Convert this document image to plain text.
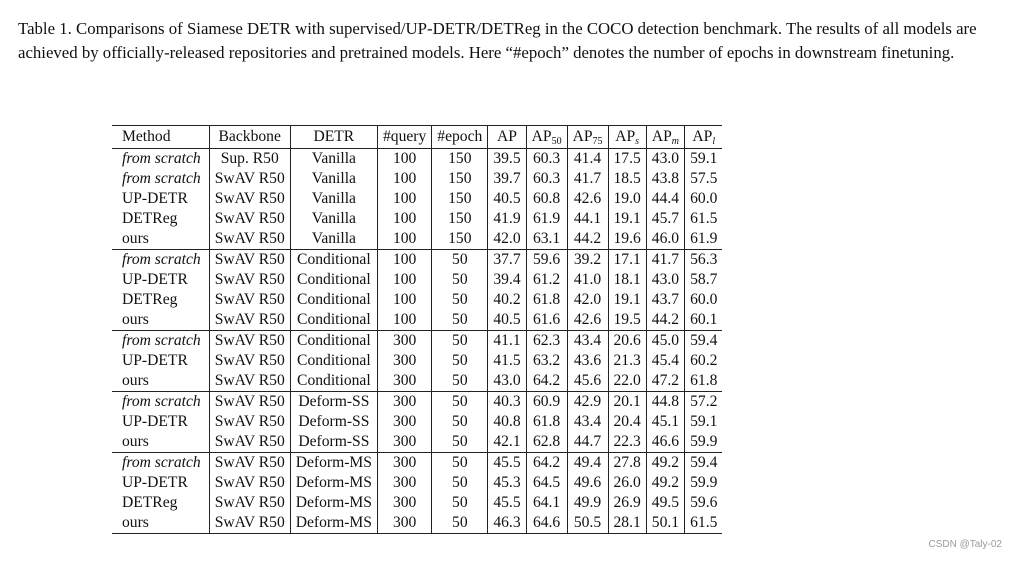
Table 1. Comparisons of Siamese DETR with supervised/UP-DETR/DETReg in the COCO detection benchmark. The results of all models are achieved by officially-released repositories and pretrained models. Here “#epoch” denotes the number of epochs in downstream finetuning.
Method	Backbone	DETR	#query	#epoch	AP	$AP_{50}$	$AP_{75}$	$AP_s$	$AP_m$	$AP_l$
from scratch	Sup. R50	Vanilla	100	150	39.5	60.3	41.4	17.5	43.0	59.1
from scratch	SwAV R50	Vanilla	100	150	39.7	60.3	41.7	18.5	43.8	57.5
UP-DETR	SwAV R50	Vanilla	100	150	40.5	60.8	42.6	19.0	44.4	60.0
DETReg	SwAV R50	Vanilla	100	150	41.9	61.9	44.1	19.1	45.7	61.5
ours	SwAV R50	Vanilla	100	150	42.0	63.1	44.2	19.6	46.0	61.9
from scratch	SwAV R50	Conditional	100	50	37.7	59.6	39.2	17.1	41.7	56.3
UP-DETR	SwAV R50	Conditional	100	50	39.4	61.2	41.0	18.1	43.0	58.7
DETReg	SwAV R50	Conditional	100	50	40.2	61.8	42.0	19.1	43.7	60.0
ours	SwAV R50	Conditional	100	50	40.5	61.6	42.6	19.5	44.2	60.1
from scratch	SwAV R50	Conditional	300	50	41.1	62.3	43.4	20.6	45.0	59.4
UP-DETR	SwAV R50	Conditional	300	50	41.5	63.2	43.6	21.3	45.4	60.2
ours	SwAV R50	Conditional	300	50	43.0	64.2	45.6	22.0	47.2	61.8
from scratch	SwAV R50	Deform-SS	300	50	40.3	60.9	42.9	20.1	44.8	57.2
UP-DETR	SwAV R50	Deform-SS	300	50	40.8	61.8	43.4	20.4	45.1	59.1
ours	SwAV R50	Deform-SS	300	50	42.1	62.8	44.7	22.3	46.6	59.9
from scratch	SwAV R50	Deform-MS	300	50	45.5	64.2	49.4	27.8	49.2	59.4
UP-DETR	SwAV R50	Deform-MS	300	50	45.3	64.5	49.6	26.0	49.2	59.9
DETReg	SwAV R50	Deform-MS	300	50	45.5	64.1	49.9	26.9	49.5	59.6
ours	SwAV R50	Deform-MS	300	50	46.3	64.6	50.5	28.1	50.1	61.5
CSDN @Taly-02
